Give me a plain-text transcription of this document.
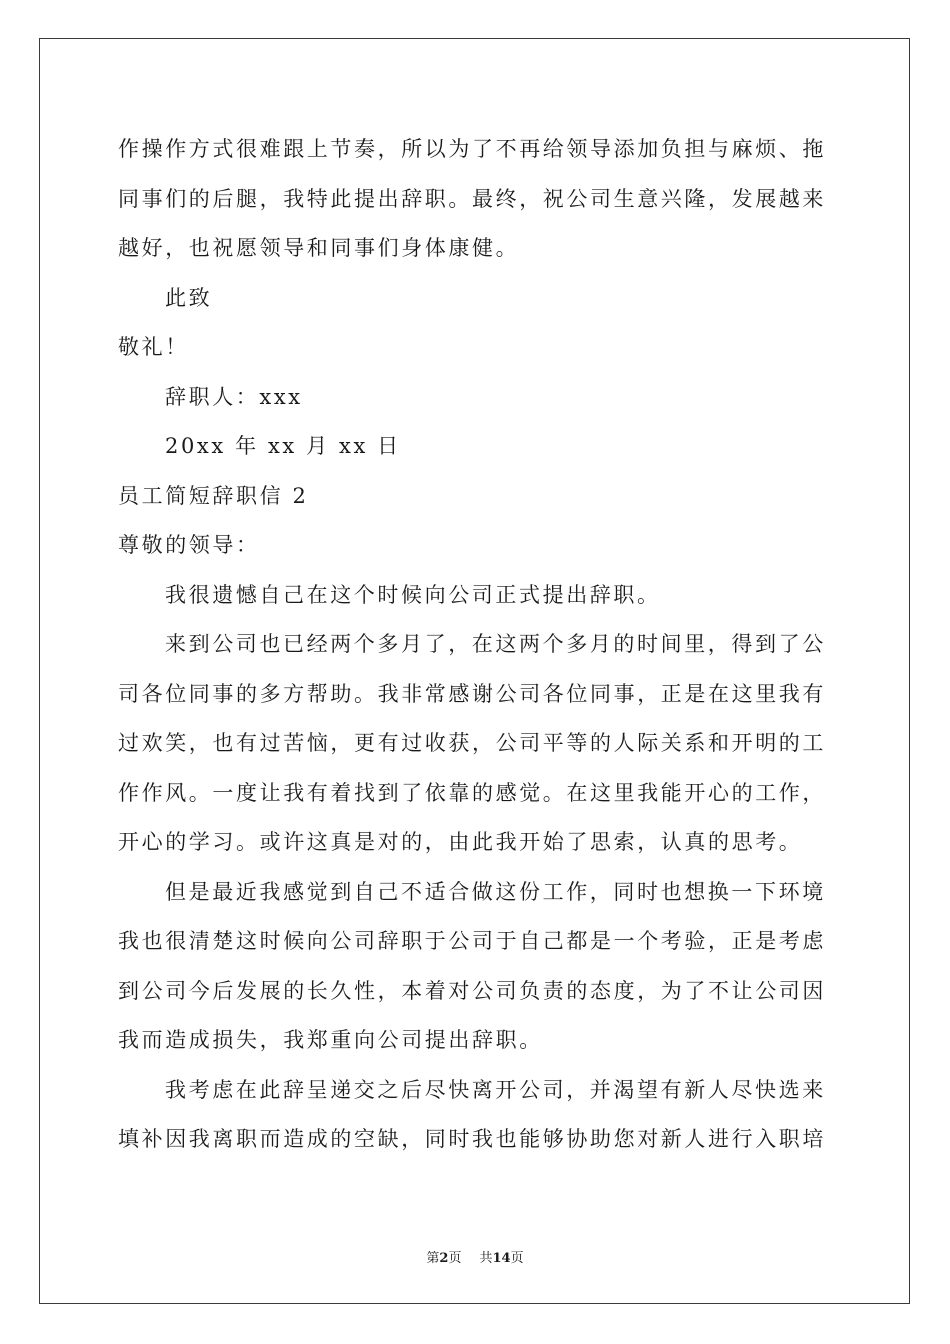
作操作方式很难跟上节奏，所以为了不再给领导添加负担与麻烦、拖
同事们的后腿，我特此提出辞职。最终，祝公司生意兴隆，发展越来
越好，也祝愿领导和同事们身体康健。
此致
敬礼！
辞职人：xxx
20xx 年 xx 月 xx 日
员工简短辞职信 2
尊敬的领导：
我很遗憾自己在这个时候向公司正式提出辞职。
来到公司也已经两个多月了，在这两个多月的时间里，得到了公
司各位同事的多方帮助。我非常感谢公司各位同事，正是在这里我有
过欢笑，也有过苦恼，更有过收获，公司平等的人际关系和开明的工
作作风。一度让我有着找到了依靠的感觉。在这里我能开心的工作，
开心的学习。或许这真是对的，由此我开始了思索，认真的思考。
但是最近我感觉到自己不适合做这份工作，同时也想换一下环境
我也很清楚这时候向公司辞职于公司于自己都是一个考验，正是考虑
到公司今后发展的长久性，本着对公司负责的态度，为了不让公司因
我而造成损失，我郑重向公司提出辞职。
我考虑在此辞呈递交之后尽快离开公司，并渴望有新人尽快选来
填补因我离职而造成的空缺，同时我也能够协助您对新人进行入职培
第2页 共14页
